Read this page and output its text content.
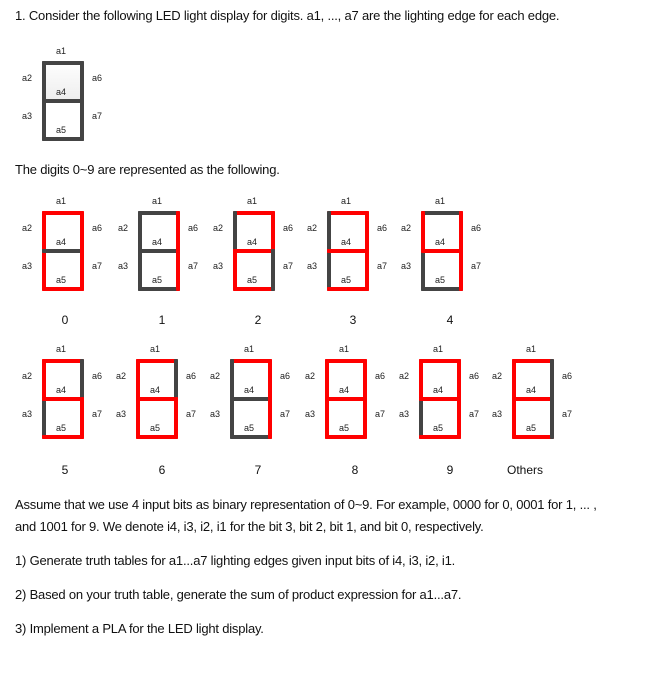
1. Consider the following LED light display for digits. a1, ..., a7 are the lighting edge for each edge.
a1
a2
a3
a4
a5
a6
a7
The digits 0~9 are represented as the following.
a1
a2
a3
a4
a5
a6
a7
0
a1
a2
a3
a4
a5
a6
a7
1
a1
a2
a3
a4
a5
a6
a7
2
a1
a2
a3
a4
a5
a6
a7
3
a1
a2
a3
a4
a5
a6
a7
4
a1
a2
a3
a4
a5
a6
a7
5
a1
a2
a3
a4
a5
a6
a7
6
a1
a2
a3
a4
a5
a6
a7
7
a1
a2
a3
a4
a5
a6
a7
8
a1
a2
a3
a4
a5
a6
a7
9
a1
a2
a3
a4
a5
a6
a7
Others
Assume that we use 4 input bits as binary representation of 0~9. For example, 0000 for 0, 0001 for 1, ... ,
and 1001 for 9. We denote i4, i3, i2, i1 for the bit 3, bit 2, bit 1, and bit 0, respectively.
1) Generate truth tables for a1...a7 lighting edges given input bits of i4, i3, i2, i1.
2) Based on your truth table, generate the sum of product expression for a1...a7.
3) Implement a PLA for the LED light display.
